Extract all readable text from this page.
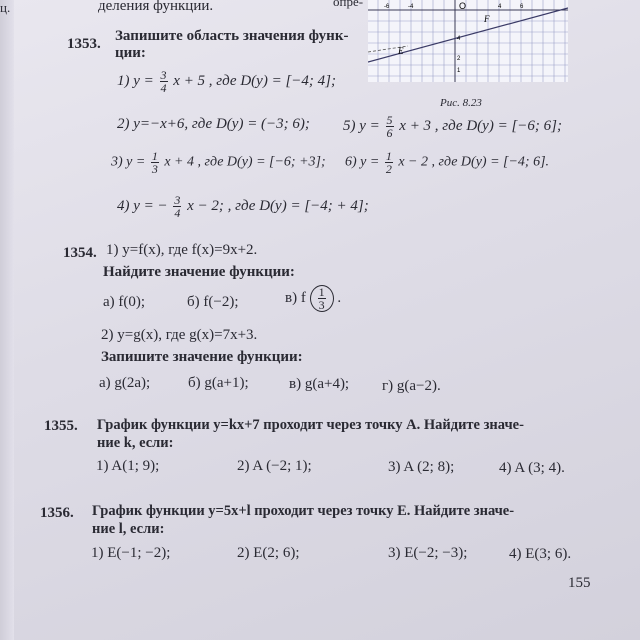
ц.	деления функции.	опре-	O
F
E
4
2
1
-6	-4	4	6
Рис. 8.23
1353. Запишите область значения функ-
ции:
1) $y = \frac{3}{4}$ x + 5 , где D(y) = [−4; 4];
2) y=−x+6, где D(y) = (−3; 6); 5) $y = \frac{5}{6}$ x + 3 , где D(y) = [−6; 6];
3) $y = \frac{1}{3}$ x + 4 , где D(y) = [−6; +3]; 6) $y = \frac{1}{2}$ x − 2 , где D(y) = [−4; 6].
4) y = − $\frac{3}{4}$ x − 2; , где D(y) = [−4; + 4];
1354. 1) y=f(x), где f(x)=9x+2.
Найдите значение функции:
а) f(0);	б) f(−2);	в) f $\frac{1}{3}$ .
2) y=g(x), где g(x)=7x+3.
Запишите значение функции:
а) g(2a);	б) g(a+1);	в) g(a+4); г) g(a−2).
1355. График функции y=kx+7 проходит через точку A. Найдите значе-
ние k, если:
1) A(1; 9);	2) A (−2; 1);	3) A (2; 8);	4) A (3; 4).
1356. График функции y=5x+l проходит через точку E. Найдите значе-
ние l, если:
1) E(−1; −2);	2) E(2; 6);	3) E(−2; −3);	4) E(3; 6).
155
